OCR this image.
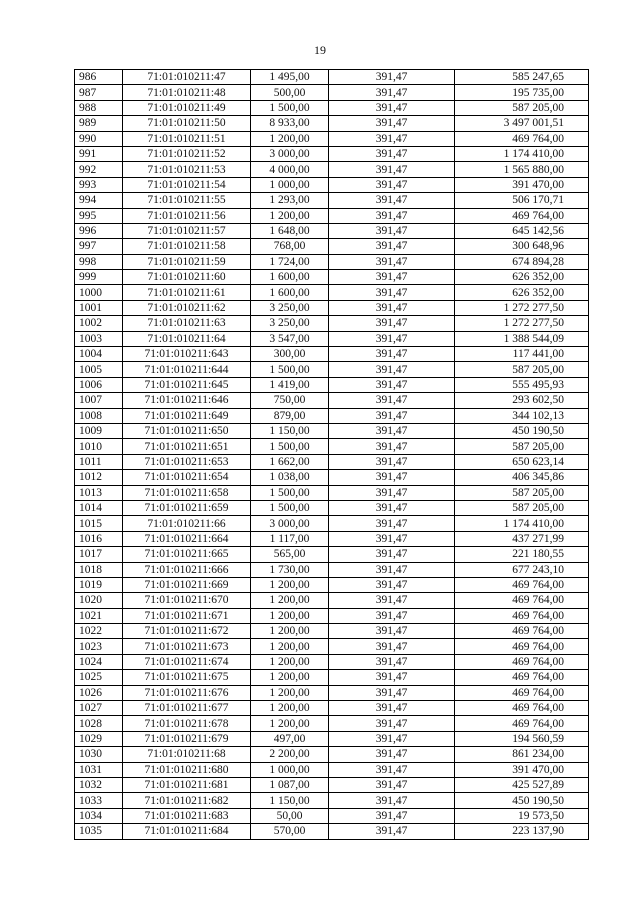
19
986	71:01:010211:47	1 495,00	391,47	585 247,65
987	71:01:010211:48	500,00	391,47	195 735,00
988	71:01:010211:49	1 500,00	391,47	587 205,00
989	71:01:010211:50	8 933,00	391,47	3 497 001,51
990	71:01:010211:51	1 200,00	391,47	469 764,00
991	71:01:010211:52	3 000,00	391,47	1 174 410,00
992	71:01:010211:53	4 000,00	391,47	1 565 880,00
993	71:01:010211:54	1 000,00	391,47	391 470,00
994	71:01:010211:55	1 293,00	391,47	506 170,71
995	71:01:010211:56	1 200,00	391,47	469 764,00
996	71:01:010211:57	1 648,00	391,47	645 142,56
997	71:01:010211:58	768,00	391,47	300 648,96
998	71:01:010211:59	1 724,00	391,47	674 894,28
999	71:01:010211:60	1 600,00	391,47	626 352,00
1000	71:01:010211:61	1 600,00	391,47	626 352,00
1001	71:01:010211:62	3 250,00	391,47	1 272 277,50
1002	71:01:010211:63	3 250,00	391,47	1 272 277,50
1003	71:01:010211:64	3 547,00	391,47	1 388 544,09
1004	71:01:010211:643	300,00	391,47	117 441,00
1005	71:01:010211:644	1 500,00	391,47	587 205,00
1006	71:01:010211:645	1 419,00	391,47	555 495,93
1007	71:01:010211:646	750,00	391,47	293 602,50
1008	71:01:010211:649	879,00	391,47	344 102,13
1009	71:01:010211:650	1 150,00	391,47	450 190,50
1010	71:01:010211:651	1 500,00	391,47	587 205,00
1011	71:01:010211:653	1 662,00	391,47	650 623,14
1012	71:01:010211:654	1 038,00	391,47	406 345,86
1013	71:01:010211:658	1 500,00	391,47	587 205,00
1014	71:01:010211:659	1 500,00	391,47	587 205,00
1015	71:01:010211:66	3 000,00	391,47	1 174 410,00
1016	71:01:010211:664	1 117,00	391,47	437 271,99
1017	71:01:010211:665	565,00	391,47	221 180,55
1018	71:01:010211:666	1 730,00	391,47	677 243,10
1019	71:01:010211:669	1 200,00	391,47	469 764,00
1020	71:01:010211:670	1 200,00	391,47	469 764,00
1021	71:01:010211:671	1 200,00	391,47	469 764,00
1022	71:01:010211:672	1 200,00	391,47	469 764,00
1023	71:01:010211:673	1 200,00	391,47	469 764,00
1024	71:01:010211:674	1 200,00	391,47	469 764,00
1025	71:01:010211:675	1 200,00	391,47	469 764,00
1026	71:01:010211:676	1 200,00	391,47	469 764,00
1027	71:01:010211:677	1 200,00	391,47	469 764,00
1028	71:01:010211:678	1 200,00	391,47	469 764,00
1029	71:01:010211:679	497,00	391,47	194 560,59
1030	71:01:010211:68	2 200,00	391,47	861 234,00
1031	71:01:010211:680	1 000,00	391,47	391 470,00
1032	71:01:010211:681	1 087,00	391,47	425 527,89
1033	71:01:010211:682	1 150,00	391,47	450 190,50
1034	71:01:010211:683	50,00	391,47	19 573,50
1035	71:01:010211:684	570,00	391,47	223 137,90
